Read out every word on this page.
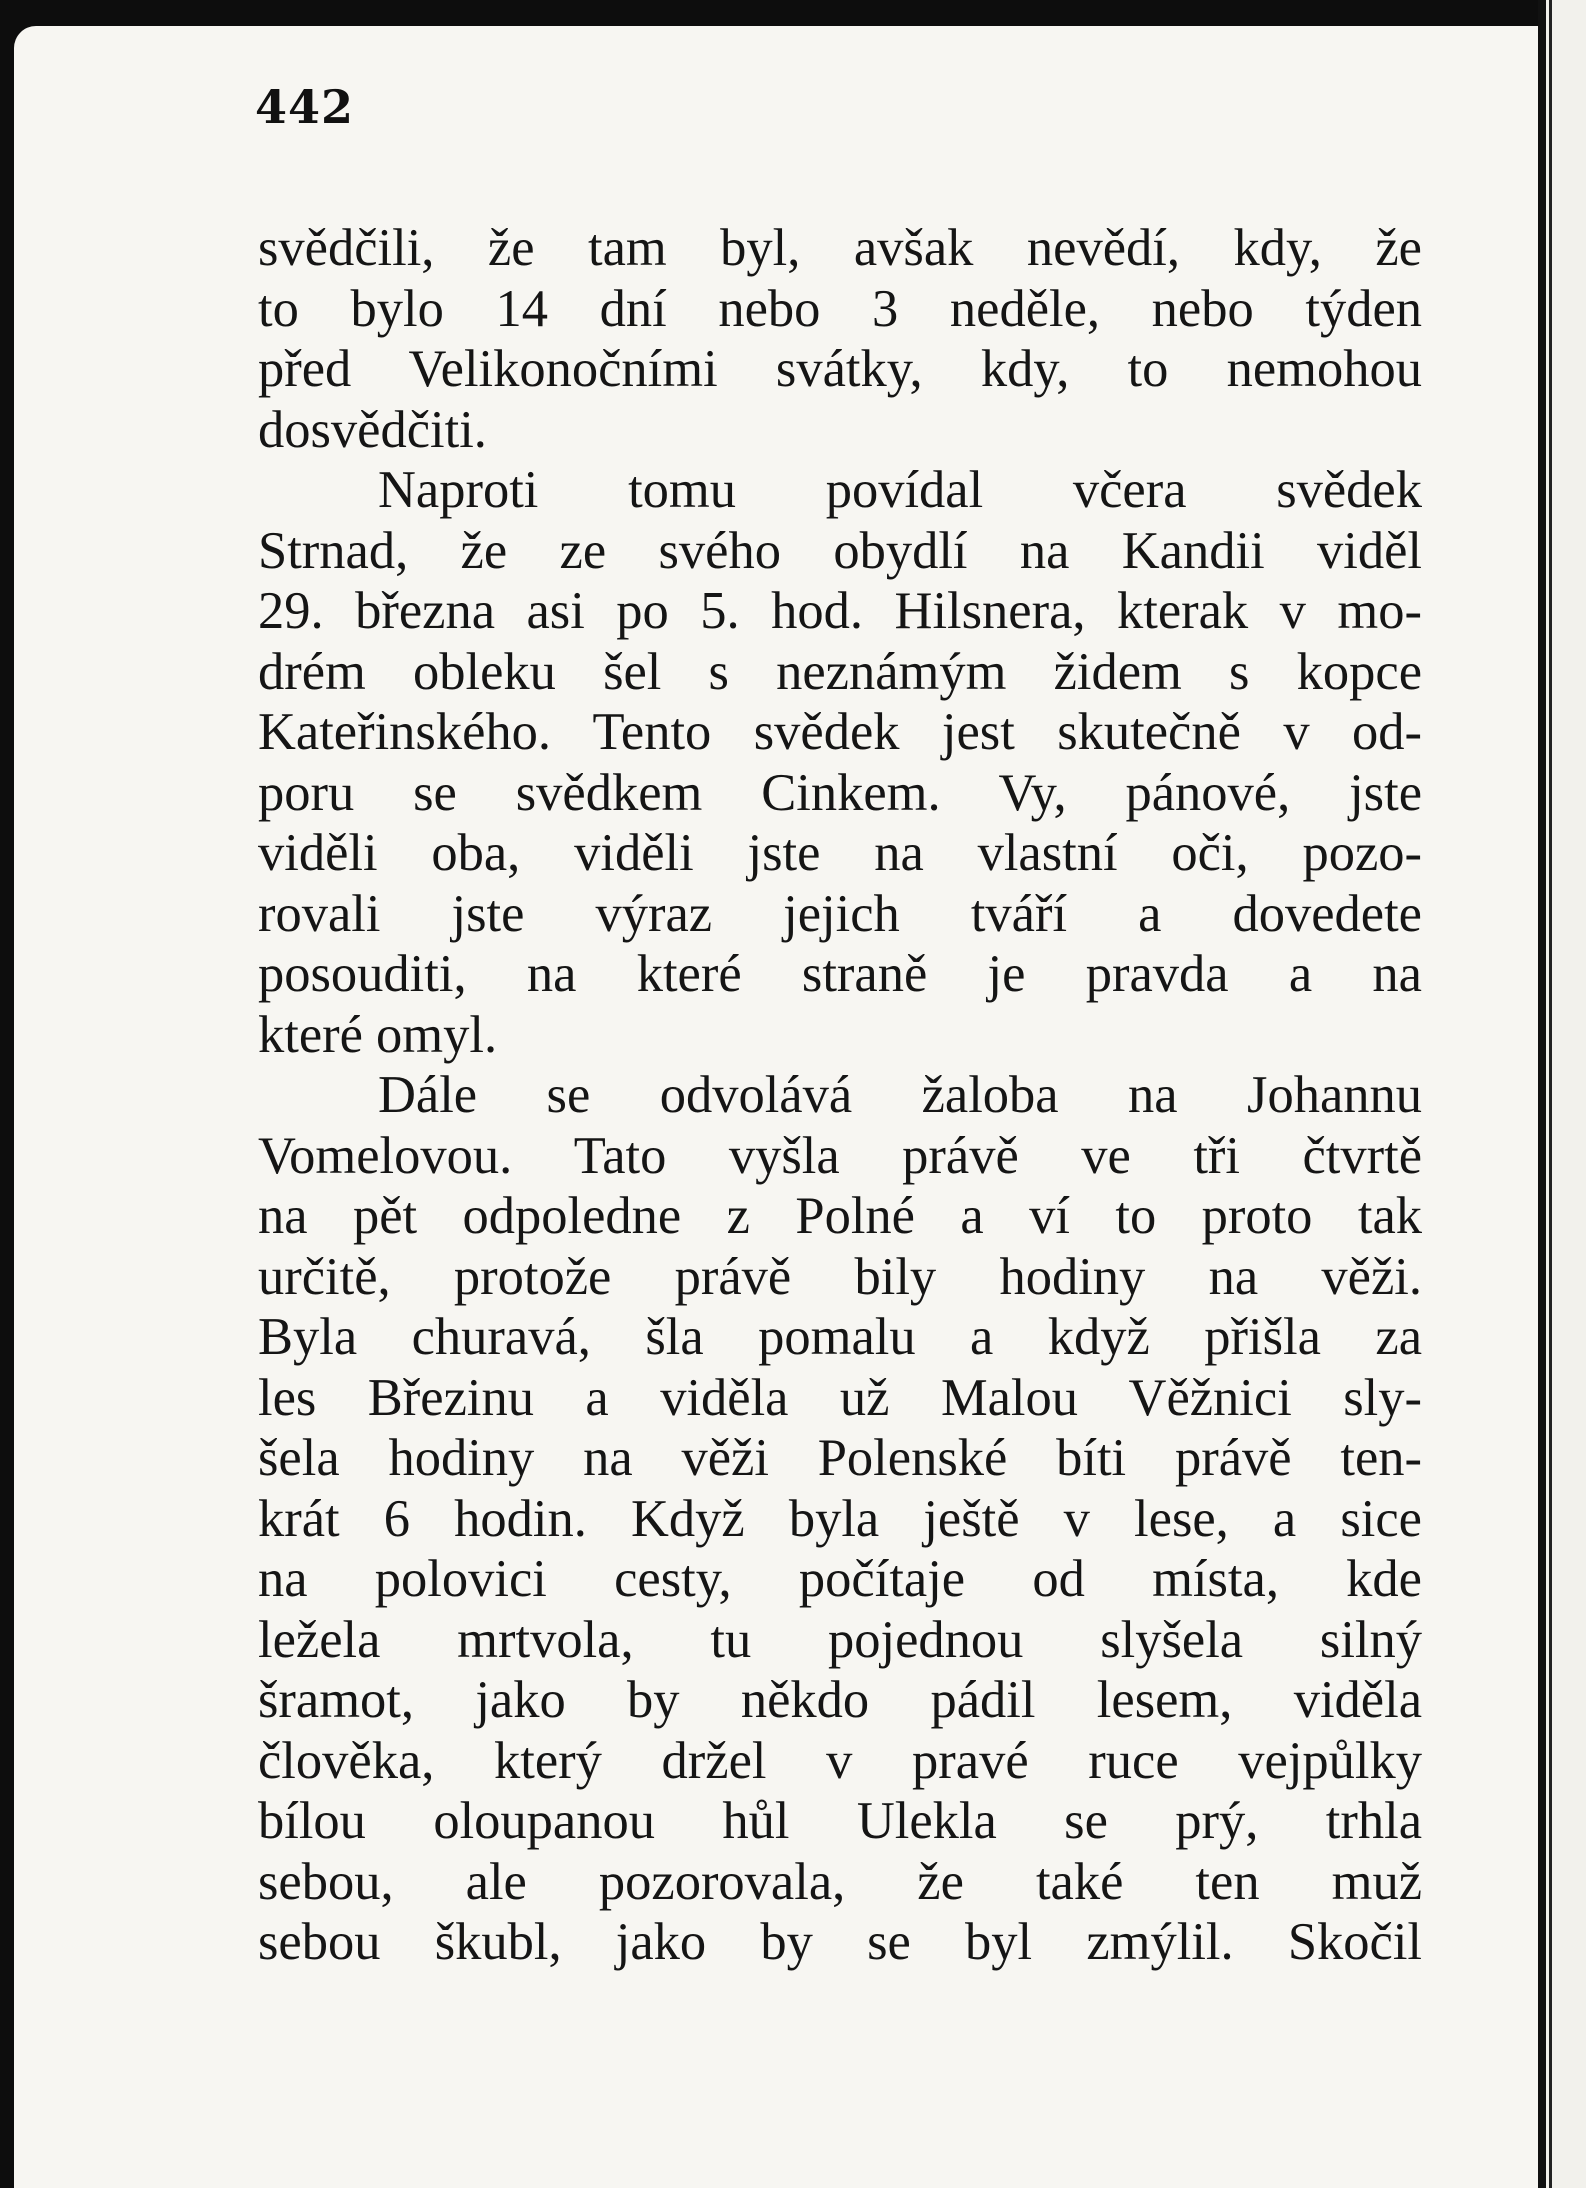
442
svědčili, že tam byl, avšak nevědí, kdy, že
to bylo 14 dní nebo 3 neděle, nebo týden
před Velikonočními svátky, kdy, to nemohou
dosvědčiti.
Naproti tomu povídal včera svědek
Strnad, že ze svého obydlí na Kandii viděl
29. března asi po 5. hod. Hilsnera, kterak v mo-
drém obleku šel s neznámým židem s kopce
Kateřinského. Tento svědek jest skutečně v od-
poru se svědkem Cinkem. Vy, pánové, jste
viděli oba, viděli jste na vlastní oči, pozo-
rovali jste výraz jejich tváří a dovedete
posouditi, na které straně je pravda a na
které omyl.
Dále se odvolává žaloba na Johannu
Vomelovou. Tato vyšla právě ve tři čtvrtě
na pět odpoledne z Polné a ví to proto tak
určitě, protože právě bily hodiny na věži.
Byla churavá, šla pomalu a když přišla za
les Březinu a viděla už Malou Věžnici sly-
šela hodiny na věži Polenské bíti právě ten-
krát 6 hodin. Když byla ještě v lese, a sice
na polovici cesty, počítaje od místa, kde
ležela mrtvola, tu pojednou slyšela silný
šramot, jako by někdo pádil lesem, viděla
člověka, který držel v pravé ruce vejpůlky
bílou oloupanou hůl Ulekla se prý, trhla
sebou, ale pozorovala, že také ten muž
sebou škubl, jako by se byl zmýlil. Skočil
